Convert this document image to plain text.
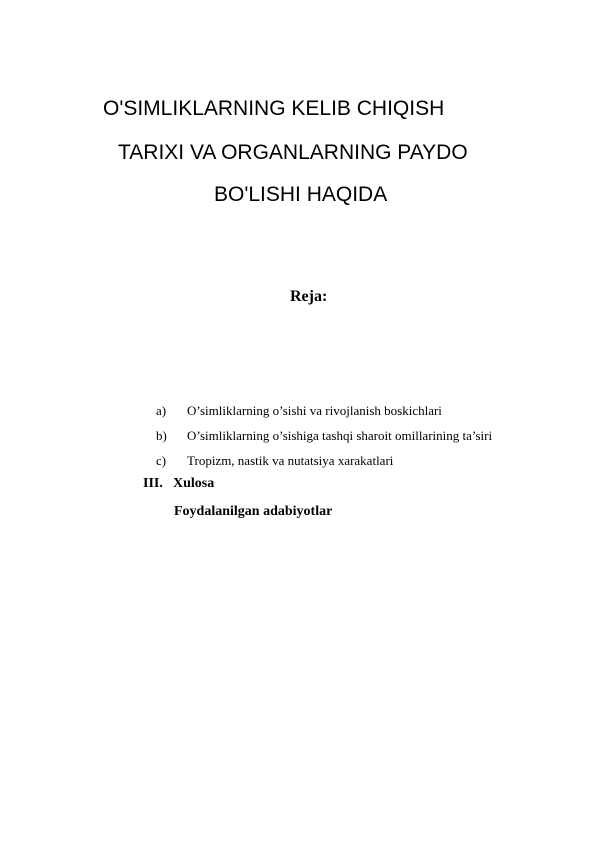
O'SIMLIKLARNING KELIB CHIQISH
TARIXI VA ORGANLARNING PAYDO
BO'LISHI HAQIDA
Reja:
a) O’simliklarning o’sishi va rivojlanish boskichlari
b) O’simliklarning o’sishiga tashqi sharoit omillarining ta’siri
c) Tropizm, nastik va nutatsiya xarakatlari
III. Xulosa
Foydalanilgan adabiyotlar
